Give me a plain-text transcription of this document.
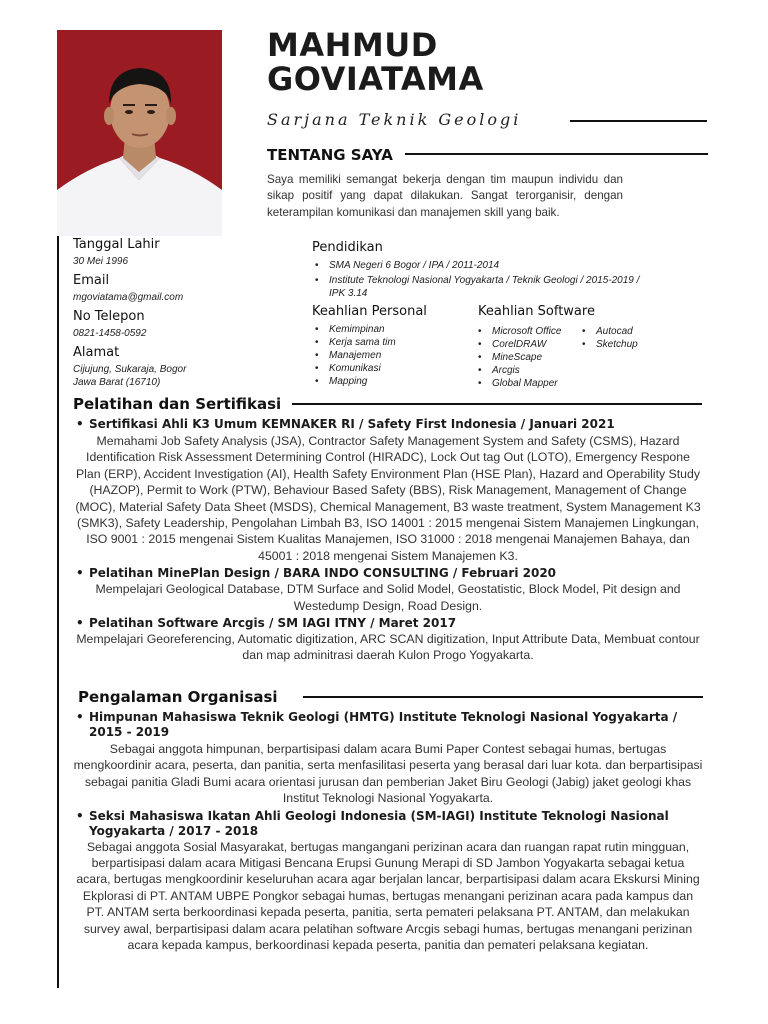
MAHMUD GOVIATAMA

Sarjana Teknik Geologi

TENTANG SAYA

Saya memiliki semangat bekerja dengan tim maupun individu dan sikap positif yang dapat dilakukan. Sangat terorganisir, dengan keterampilan komunikasi dan manajemen skill yang baik.

Tanggal Lahir
30 Mei 1996
Email
mgoviatama@gmail.com
No Telepon
0821-1458-0592
Alamat
Cijujung, Sukaraja, Bogor
Jawa Barat (16710)
Pendidikan
• SMA Negeri 6 Bogor / IPA / 2011-2014
• Institute Teknologi Nasional Yogyakarta / Teknik Geologi / 2015-2019 / IPK 3.14
Keahlian Personal
• Kemimpinan
• Kerja sama tim
• Manajemen
• Komunikasi
• Mapping
Keahlian Software
• Microsoft Office
• CorelDRAW
• MineScape
• Arcgis
• Global Mapper
• Autocad
• Sketchup
Pelatihan dan Sertifikasi
• Sertifikasi Ahli K3 Umum KEMNAKER RI / Safety First Indonesia / Januari 2021
Memahami Job Safety Analysis (JSA), Contractor Safety Management System and Safety (CSMS), Hazard Identification Risk Assessment Determining Control (HIRADC), Lock Out tag Out (LOTO), Emergency Respone Plan (ERP), Accident Investigation (AI), Health Safety Environment Plan (HSE Plan), Hazard and Operability Study (HAZOP), Permit to Work (PTW), Behaviour Based Safety (BBS), Risk Management, Management of Change (MOC), Material Safety Data Sheet (MSDS), Chemical Management, B3 waste treatment, System Management K3 (SMK3), Safety Leadership, Pengolahan Limbah B3, ISO 14001 : 2015 mengenai Sistem Manajemen Lingkungan, ISO 9001 : 2015 mengenai Sistem Kualitas Manajemen, ISO 31000 : 2018 mengenai Manajemen Bahaya, dan 45001 : 2018 mengenai Sistem Manajemen K3.
• Pelatihan MinePlan Design / BARA INDO CONSULTING / Februari 2020
Mempelajari Geological Database, DTM Surface and Solid Model, Geostatistic, Block Model, Pit design and Westedump Design, Road Design.
• Pelatihan Software Arcgis / SM IAGI ITNY / Maret 2017
Mempelajari Georeferencing, Automatic digitization, ARC SCAN digitization, Input Attribute Data, Membuat contour dan map adminitrasi daerah Kulon Progo Yogyakarta.
Pengalaman Organisasi
• Himpunan Mahasiswa Teknik Geologi (HMTG) Institute Teknologi Nasional Yogyakarta / 2015 - 2019
Sebagai anggota himpunan, berpartisipasi dalam acara Bumi Paper Contest sebagai humas, bertugas mengkoordinir acara, peserta, dan panitia, serta menfasilitasi peserta yang berasal dari luar kota. dan berpartisipasi sebagai panitia Gladi Bumi acara orientasi jurusan dan pemberian Jaket Biru Geologi (Jabig) jaket geologi khas Institut Teknologi Nasional Yogyakarta.
• Seksi Mahasiswa Ikatan Ahli Geologi Indonesia (SM-IAGI) Institute Teknologi Nasional Yogyakarta / 2017 - 2018
Sebagai anggota Sosial Masyarakat, bertugas mangangani perizinan acara dan ruangan rapat rutin mingguan, berpartisipasi dalam acara Mitigasi Bencana Erupsi Gunung Merapi di SD Jambon Yogyakarta sebagai ketua acara, bertugas mengkoordinir keseluruhan acara agar berjalan lancar, berpartisipasi dalam acara Ekskursi Mining Ekplorasi di PT. ANTAM UBPE Pongkor sebagai humas, bertugas menangani perizinan acara pada kampus dan PT. ANTAM serta berkoordinasi kepada peserta, panitia, serta pemateri pelaksana PT. ANTAM, dan melakukan survey awal, berpartisipasi dalam acara pelatihan software Arcgis sebagi humas, bertugas menangani perizinan acara kepada kampus, berkoordinasi kepada peserta, panitia dan pemateri pelaksana kegiatan.
